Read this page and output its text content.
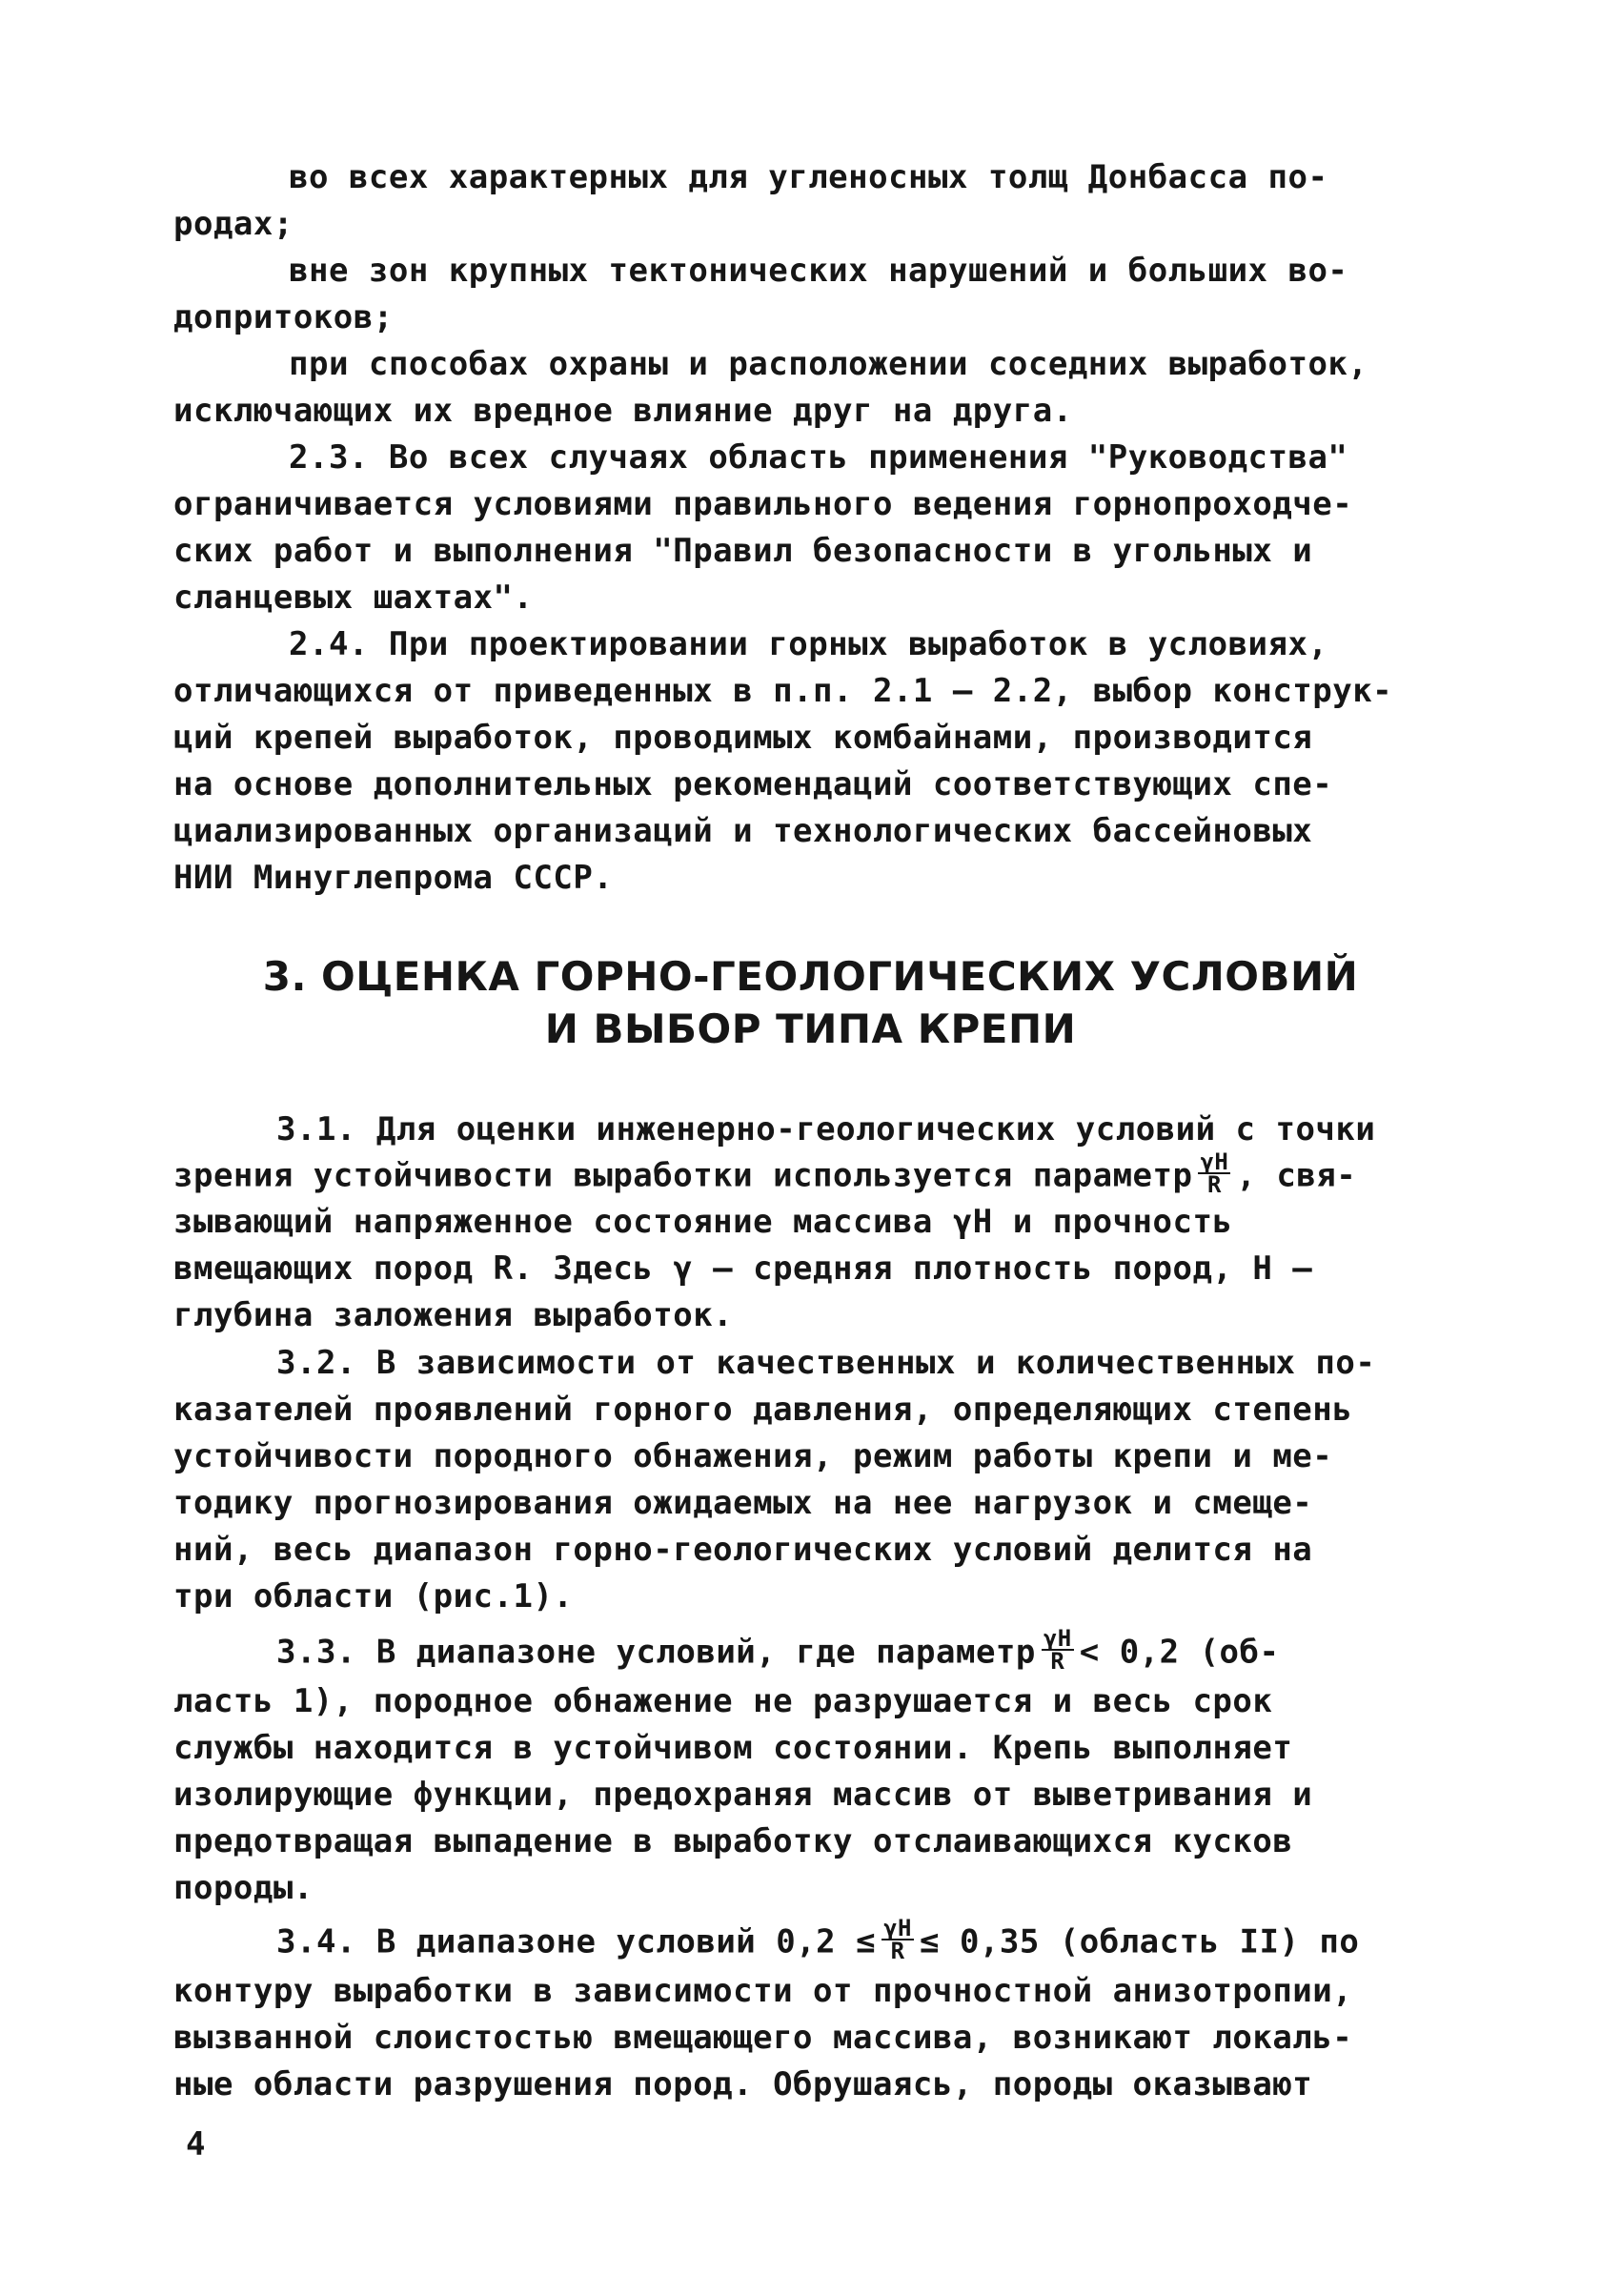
во всех характерных для угленосных толщ Донбасса по-
родах;
вне зон крупных тектонических нарушений и больших во-
допритоков;
при способах охраны и расположении соседних выработок,
исключающих их вредное влияние друг на друга.
2.3. Во всех случаях область применения "Руководства"
ограничивается условиями правильного ведения горнопроходче-
ских работ и выполнения "Правил безопасности в угольных и
сланцевых шахтах".
2.4. При проектировании горных выработок в условиях,
отличающихся от приведенных в п.п. 2.1 – 2.2, выбор конструк-
ций крепей выработок, проводимых комбайнами, производится
на основе дополнительных рекомендаций соответствующих спе-
циализированных организаций и технологических бассейновых
НИИ Минуглепрома СССР.
3. ОЦЕНКА ГОРНО-ГЕОЛОГИЧЕСКИХ УСЛОВИЙ
И ВЫБОР ТИПА КРЕПИ
3.1. Для оценки инженерно-геологических условий с точки
зрения устойчивости выработки используется параметр $\frac{\gamma H}{R}$ , свя-
зывающий напряженное состояние массива γH и прочность
вмещающих пород R. Здесь γ – средняя плотность пород, H –
глубина заложения выработок.
3.2. В зависимости от качественных и количественных по-
казателей проявлений горного давления, определяющих степень
устойчивости породного обнажения, режим работы крепи и ме-
тодику прогнозирования ожидаемых на нее нагрузок и смеще-
ний, весь диапазон горно-геологических условий делится на
три области (рис.1).
3.3. В диапазоне условий, где параметр $\frac{\gamma H}{R} < 0,2$ (об-
ласть 1), породное обнажение не разрушается и весь срок
службы находится в устойчивом состоянии. Крепь выполняет
изолирующие функции, предохраняя массив от выветривания и
предотвращая выпадение в выработку отслаивающихся кусков
породы.
3.4. В диапазоне условий $0,2 \le \frac{\gamma H}{R} \le 0,35$ (область II) по
контуру выработки в зависимости от прочностной анизотропии,
вызванной слоистостью вмещающего массива, возникают локаль-
ные области разрушения пород. Обрушаясь, породы оказывают
4
